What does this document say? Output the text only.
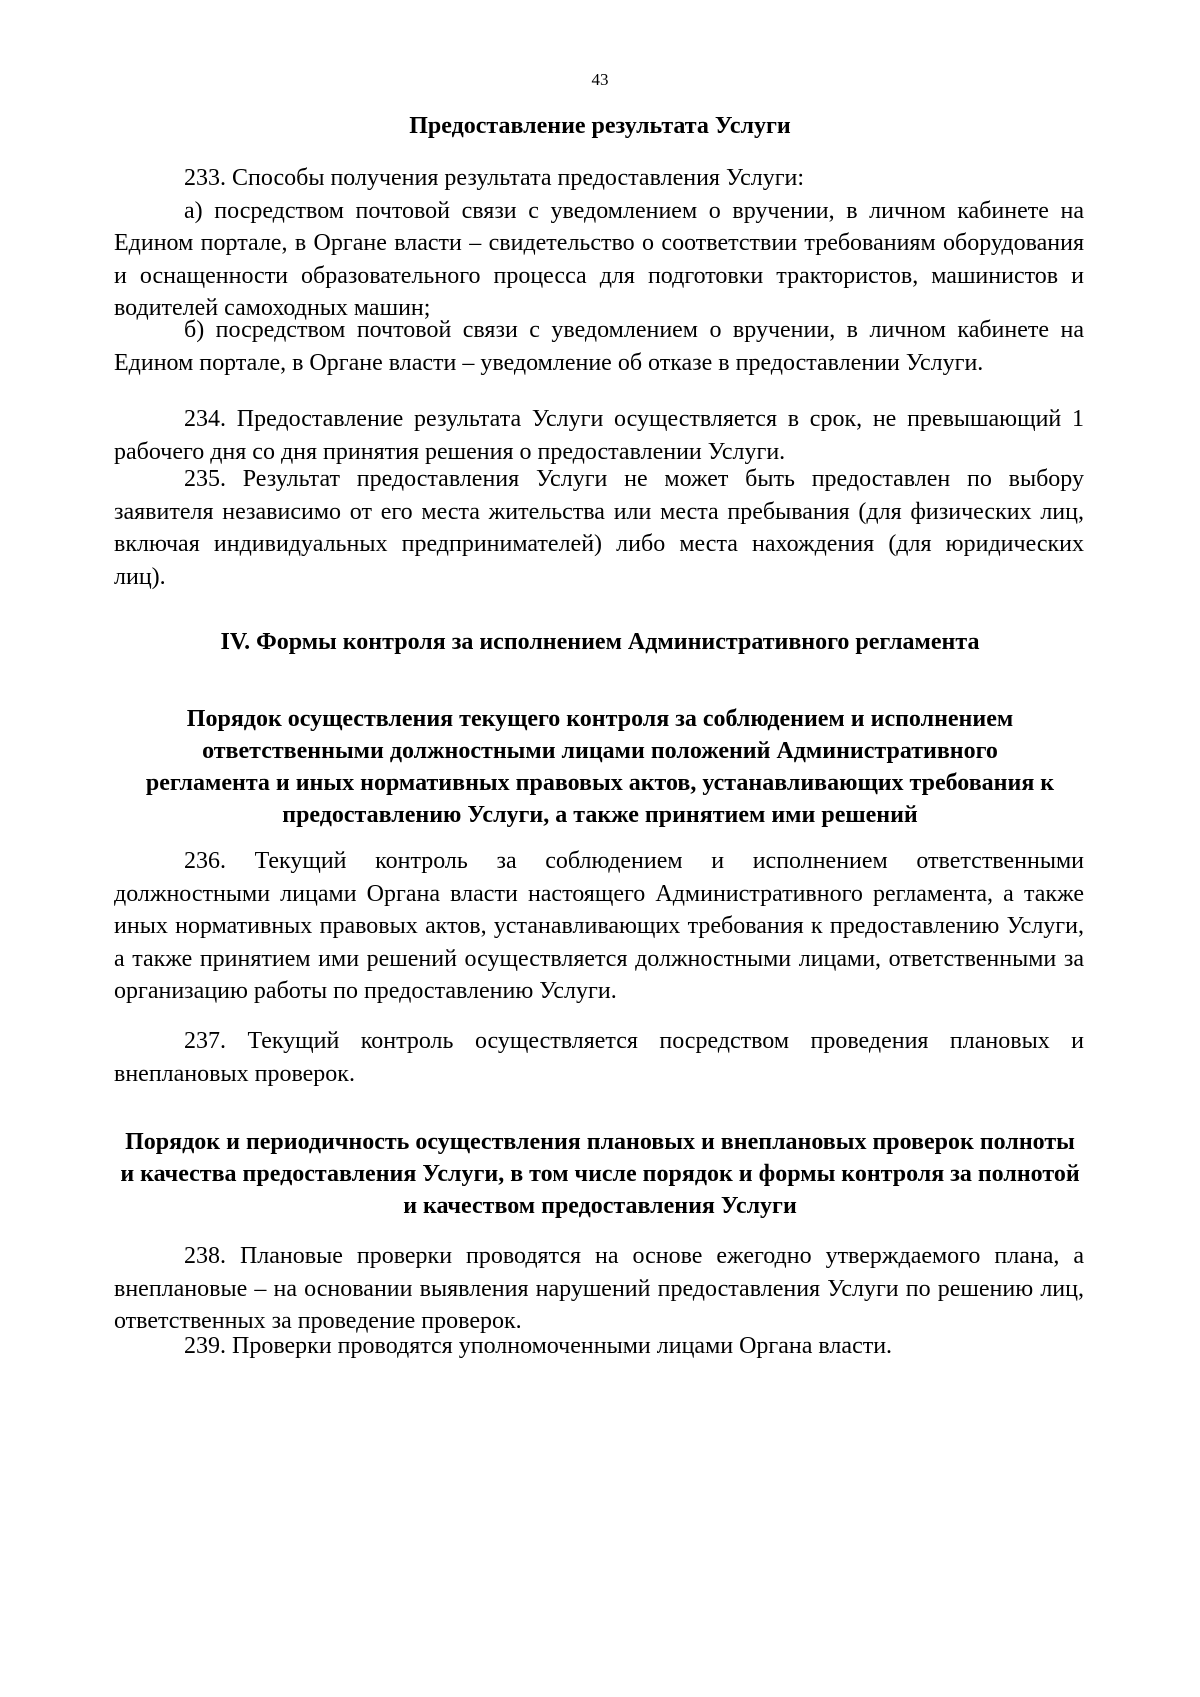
43
Предоставление результата Услуги

233. Способы получения результата предоставления Услуги:

а) посредством почтовой связи с уведомлением о вручении, в личном кабинете на Едином портале, в Органе власти – свидетельство о соответствии требованиям оборудования и оснащенности образовательного процесса для подготовки трактористов, машинистов и водителей самоходных машин;

б) посредством почтовой связи с уведомлением о вручении, в личном кабинете на Едином портале, в Органе власти – уведомление об отказе в предоставлении Услуги.

234. Предоставление результата Услуги осуществляется в срок, не превышающий 1 рабочего дня со дня принятия решения о предоставлении Услуги.

235. Результат предоставления Услуги не может быть предоставлен по выбору заявителя независимо от его места жительства или места пребывания (для физических лиц, включая индивидуальных предпринимателей) либо места нахождения (для юридических лиц).

IV. Формы контроля за исполнением Административного регламента
Порядок осуществления текущего контроля за соблюдением и исполнением ответственными должностными лицами положений Административного регламента и иных нормативных правовых актов, устанавливающих требования к предоставлению Услуги, а также принятием ими решений

236. Текущий контроль за соблюдением и исполнением ответственными должностными лицами Органа власти настоящего Административного регламента, а также иных нормативных правовых актов, устанавливающих требования к предоставлению Услуги, а также принятием ими решений осуществляется должностными лицами, ответственными за организацию работы по предоставлению Услуги.

237. Текущий контроль осуществляется посредством проведения плановых и внеплановых проверок.

Порядок и периодичность осуществления плановых и внеплановых проверок полноты и качества предоставления Услуги, в том числе порядок и формы контроля за полнотой и качеством предоставления Услуги

238. Плановые проверки проводятся на основе ежегодно утверждаемого плана, а внеплановые – на основании выявления нарушений предоставления Услуги по решению лиц, ответственных за проведение проверок.

239. Проверки проводятся уполномоченными лицами Органа власти.
